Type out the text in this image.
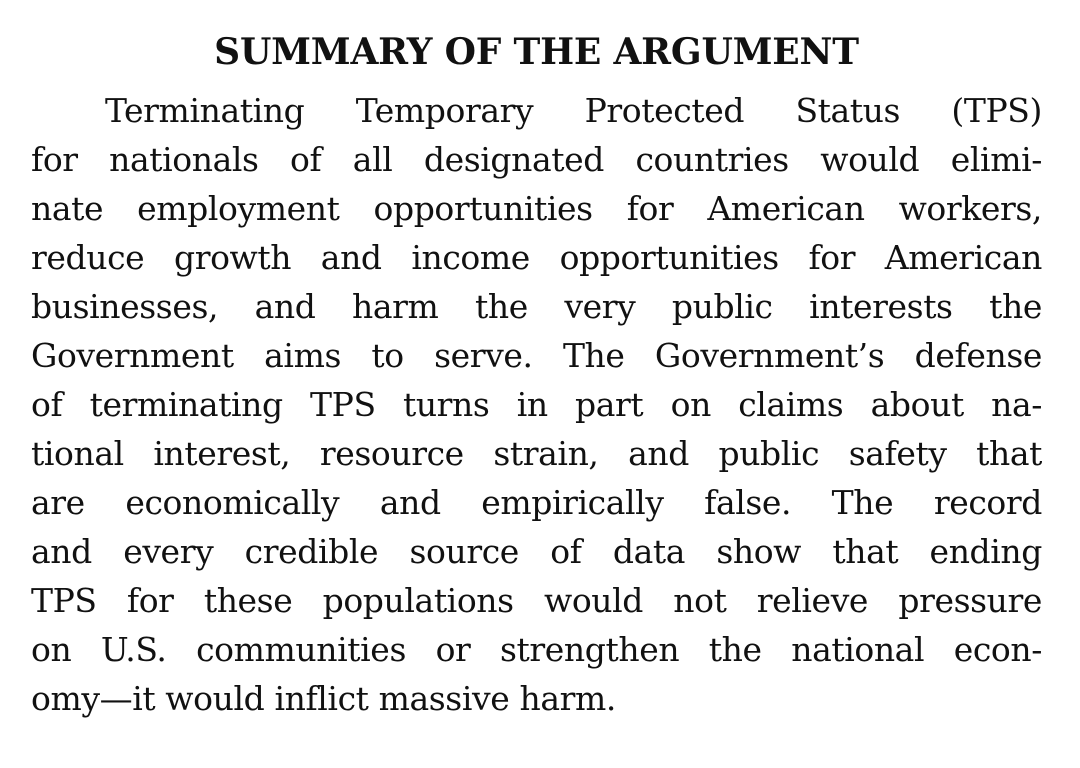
SUMMARY OF THE ARGUMENT

Terminating Temporary Protected Status (TPS)
for nationals of all designated countries would elimi-
nate employment opportunities for American workers,
reduce growth and income opportunities for American
businesses, and harm the very public interests the
Government aims to serve. The Government’s defense
of terminating TPS turns in part on claims about na-
tional interest, resource strain, and public safety that
are economically and empirically false. The record
and every credible source of data show that ending
TPS for these populations would not relieve pressure
on U.S. communities or strengthen the national econ-
omy—it would inflict massive harm.
